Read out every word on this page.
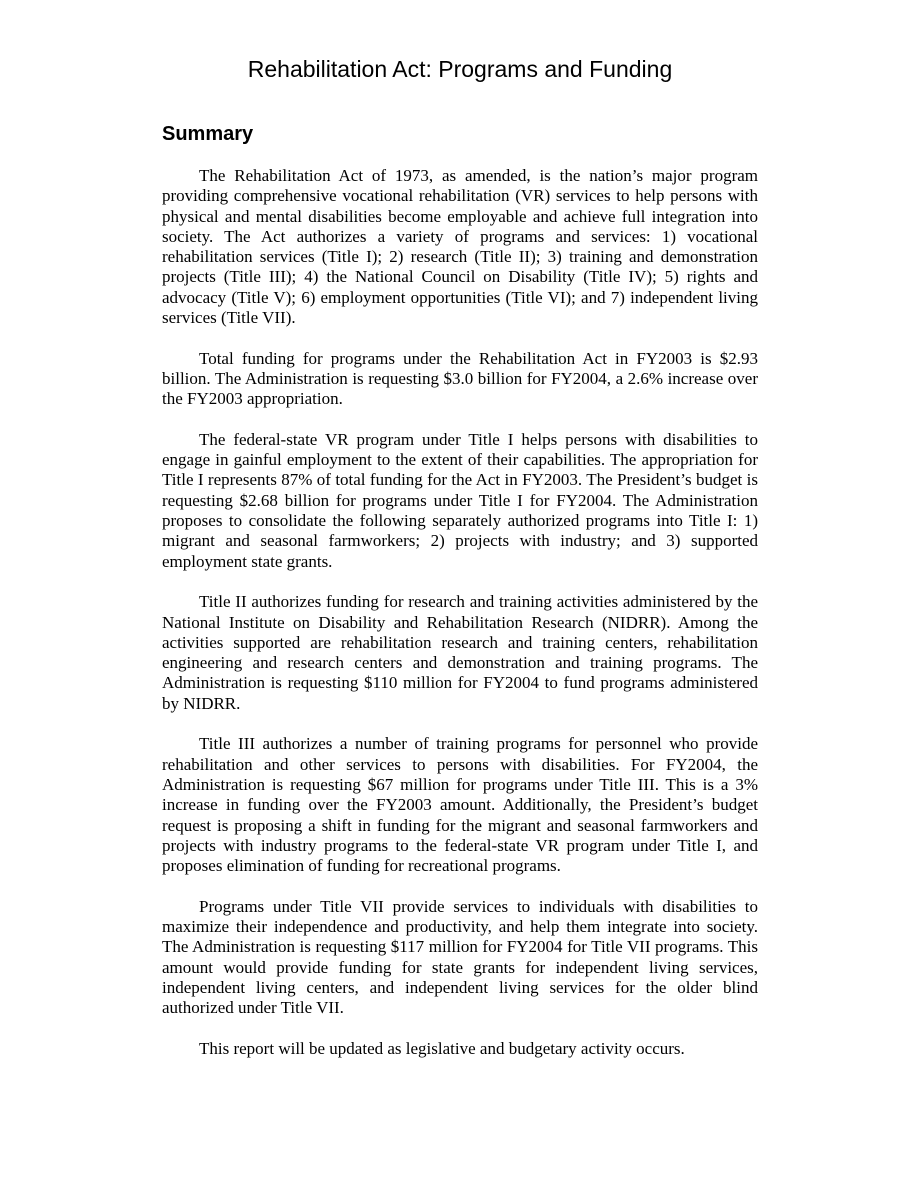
Rehabilitation Act: Programs and Funding
Summary

The Rehabilitation Act of 1973, as amended, is the nation’s major program providing comprehensive vocational rehabilitation (VR) services to help persons with physical and mental disabilities become employable and achieve full integration into society. The Act authorizes a variety of programs and services: 1) vocational rehabilitation services (Title I); 2) research (Title II); 3) training and demonstration projects (Title III); 4) the National Council on Disability (Title IV); 5) rights and advocacy (Title V); 6) employment opportunities (Title VI); and 7) independent living services (Title VII).

Total funding for programs under the Rehabilitation Act in FY2003 is $2.93 billion. The Administration is requesting $3.0 billion for FY2004, a 2.6% increase over the FY2003 appropriation.

The federal-state VR program under Title I helps persons with disabilities to engage in gainful employment to the extent of their capabilities. The appropriation for Title I represents 87% of total funding for the Act in FY2003. The President’s budget is requesting $2.68 billion for programs under Title I for FY2004. The Administration proposes to consolidate the following separately authorized programs into Title I: 1) migrant and seasonal farmworkers; 2) projects with industry; and 3) supported employment state grants.

Title II authorizes funding for research and training activities administered by the National Institute on Disability and Rehabilitation Research (NIDRR). Among the activities supported are rehabilitation research and training centers, rehabilitation engineering and research centers and demonstration and training programs. The Administration is requesting $110 million for FY2004 to fund programs administered by NIDRR.

Title III authorizes a number of training programs for personnel who provide rehabilitation and other services to persons with disabilities. For FY2004, the Administration is requesting $67 million for programs under Title III. This is a 3% increase in funding over the FY2003 amount. Additionally, the President’s budget request is proposing a shift in funding for the migrant and seasonal farmworkers and projects with industry programs to the federal-state VR program under Title I, and proposes elimination of funding for recreational programs.

Programs under Title VII provide services to individuals with disabilities to maximize their independence and productivity, and help them integrate into society. The Administration is requesting $117 million for FY2004 for Title VII programs. This amount would provide funding for state grants for independent living services, independent living centers, and independent living services for the older blind authorized under Title VII.

This report will be updated as legislative and budgetary activity occurs.
